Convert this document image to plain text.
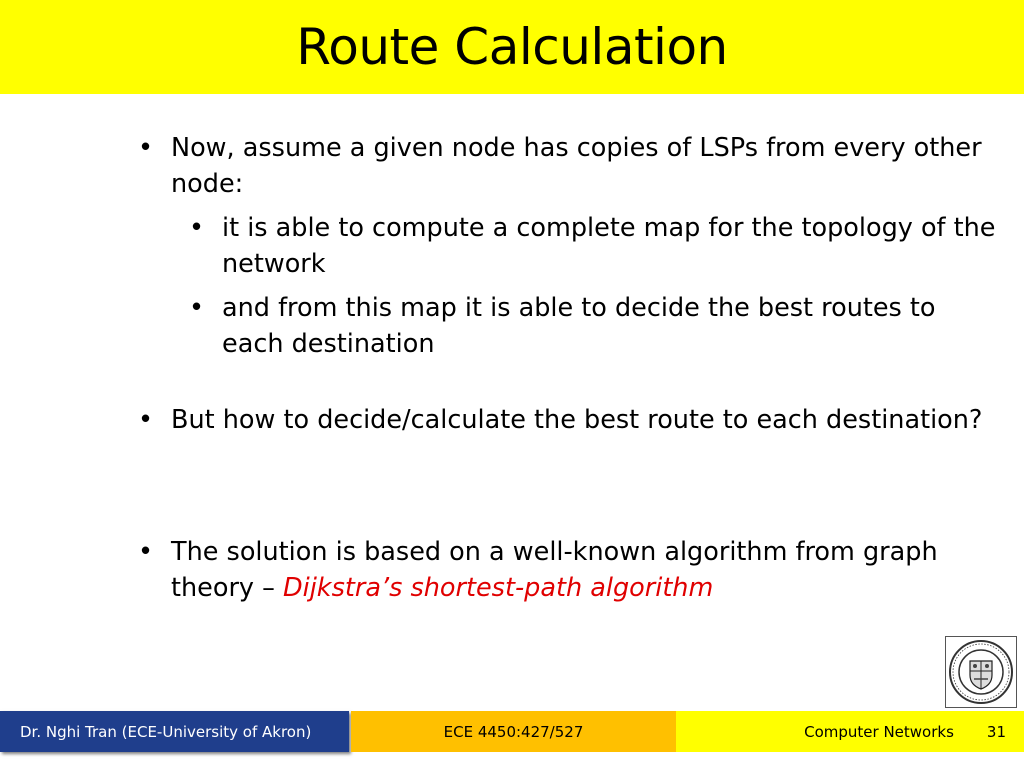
Route Calculation
• Now, assume a given node has copies of LSPs from every other node:
• it is able to compute a complete map for the topology of the network
• and from this map it is able to decide the best routes to each destination
• But how to decide/calculate the best route to each destination?
• The solution is based on a well-known algorithm from graph theory – Dijkstra’s shortest-path algorithm
Dr. Nghi Tran (ECE-University of Akron)	ECE 4450:427/527	Computer Networks 31
